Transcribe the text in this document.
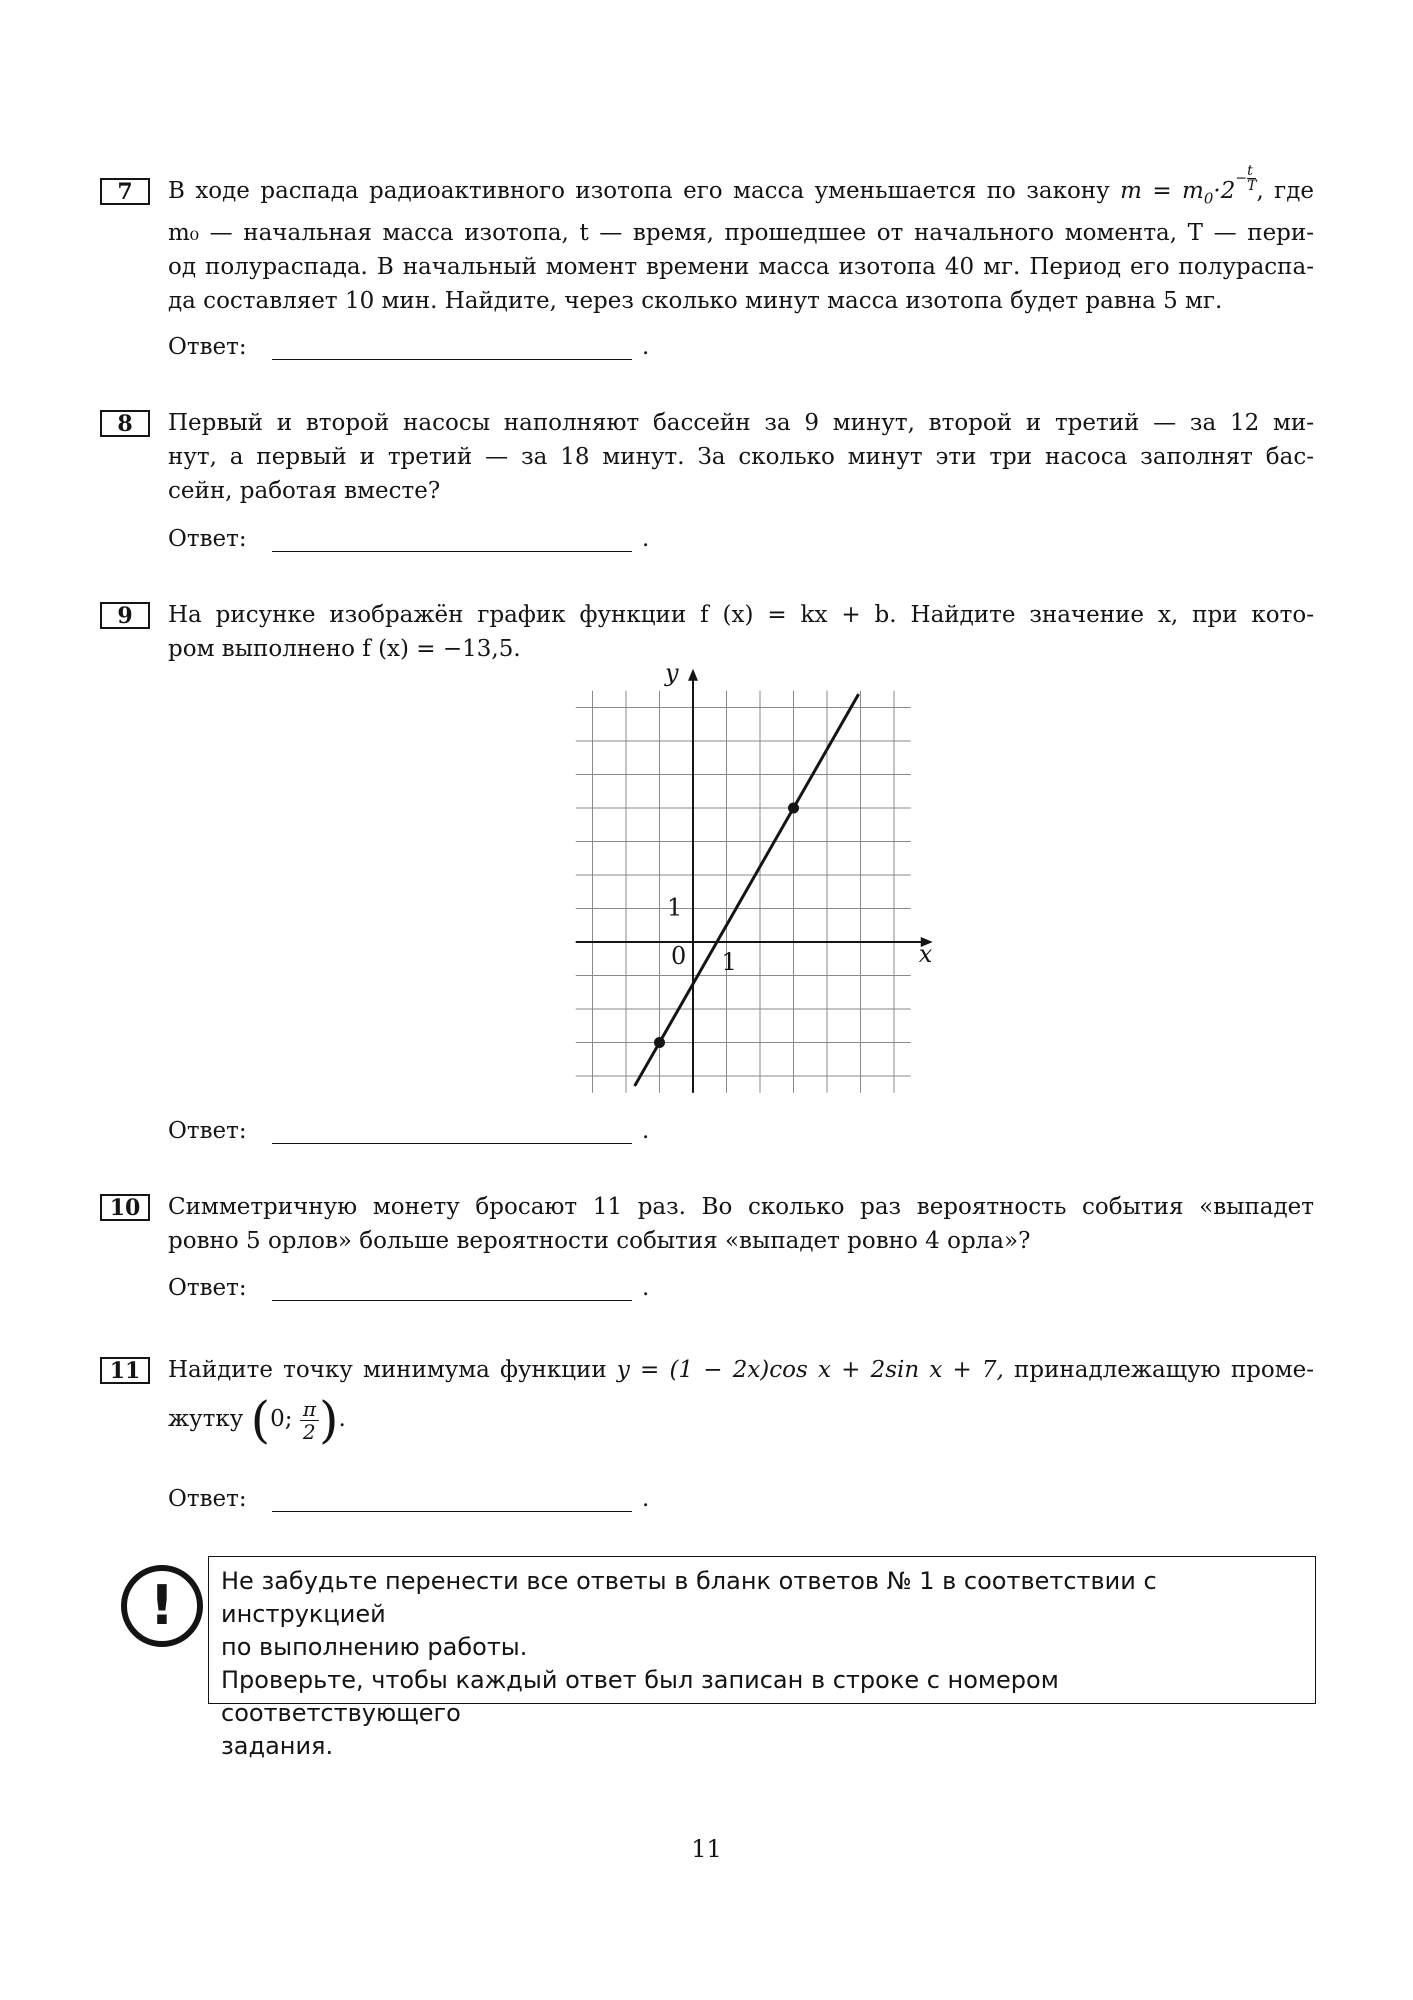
7	В ходе распада радиоактивного изотопа его масса уменьшается по закону $m = m_0\cdot 2- \frac{t}{T}$ , где
m₀ — начальная масса изотопа, t — время, прошедшее от начального момента, T — пери-
од полураспада. В начальный момент времени масса изотопа 40 мг. Период его полураспа-
да составляет 10 мин. Найдите, через сколько минут масса изотопа будет равна 5 мг.
Ответ:	.
8	Первый и второй насосы наполняют бассейн за 9 минут, второй и третий — за 12 ми-
нут, а первый и третий — за 18 минут. За сколько минут эти три насоса заполнят бас-
сейн, работая вместе?
Ответ:	.
9	На рисунке изображён график функции f (x) = kx + b. Найдите значение x, при кото-
ром выполнено f (x) = −13,5.
Ответ:	.
x
y
0 1
1
10	Симметричную монету бросают 11 раз. Во сколько раз вероятность события «выпадет
ровно 5 орлов» больше вероятности события «выпадет ровно 4 орла»?
Ответ:	.
11	Найдите точку минимума функции y = (1 − 2x)cos x + 2sin x + 7, принадлежащую проме-
жутку (0; $\frac{\pi}{2}$ ).
Ответ:	.
!	Не забудьте перенести все ответы в бланк ответов № 1 в соответствии с инструкцией

по выполнению работы.

Проверьте, чтобы каждый ответ был записан в строке с номером соответствующего

задания.

11
